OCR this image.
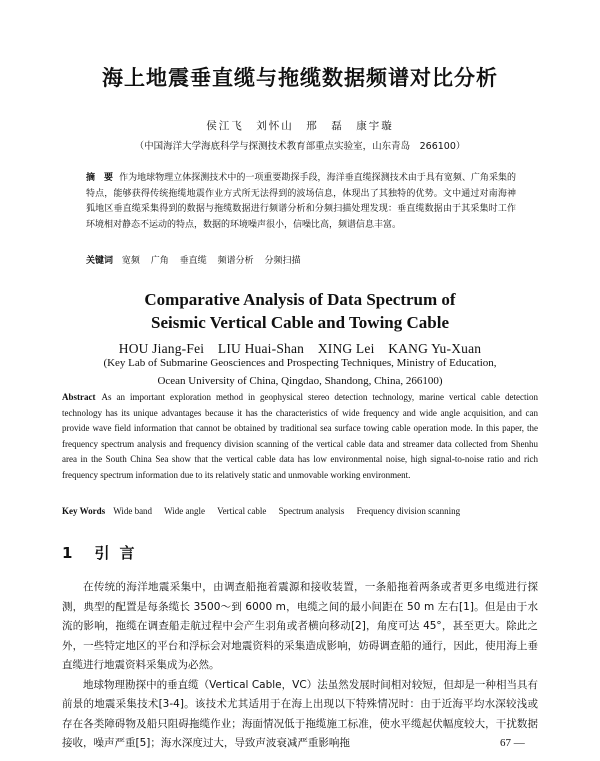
海上地震垂直缆与拖缆数据频谱对比分析
侯江飞　刘怀山　邢　磊　康宇璇
（中国海洋大学海底科学与探测技术教育部重点实验室，山东青岛　266100）
摘　要 作为地球物理立体探测技术中的一项重要勘探手段，海洋垂直缆探测技术由于具有宽频、广角采集的特点，能够获得传统拖缆地震作业方式所无法得到的波场信息，体现出了其独特的优势。文中通过对南海神狐地区垂直缆采集得到的数据与拖缆数据进行频谱分析和分频扫描处理发现：垂直缆数据由于其采集时工作环境相对静态不运动的特点，数据的环境噪声很小，信噪比高，频谱信息丰富。
关键词 宽频 广角 垂直缆 频谱分析 分频扫描
Comparative Analysis of Data Spectrum of
Seismic Vertical Cable and Towing Cable
HOU Jiang-Fei　LIU Huai-Shan　XING Lei　KANG Yu-Xuan
(Key Lab of Submarine Geosciences and Prospecting Techniques, Ministry of Education,
Ocean University of China, Qingdao, Shandong, China, 266100)
Abstract As an important exploration method in geophysical stereo detection technology, marine vertical cable detection technology has its unique advantages because it has the characteristics of wide frequency and wide angle acquisition, and can provide wave field information that cannot be obtained by traditional sea surface towing cable operation mode. In this paper, the frequency spectrum analysis and frequency division scanning of the vertical cable data and streamer data collected from Shenhu area in the South China Sea show that the vertical cable data has low environmental noise, high signal-to-noise ratio and rich frequency spectrum information due to its relatively static and unmovable working environment.
Key Words Wide band Wide angle Vertical cable Spectrum analysis Frequency division scanning
1 引言

在传统的海洋地震采集中，由调查船拖着震源和接收装置，一条船拖着两条或者更多电缆进行探测，典型的配置是每条缆长 3500～到 6000 m，电缆之间的最小间距在 50 m 左右[1]。但是由于水流的影响，拖缆在调查船走航过程中会产生羽角或者横向移动[2]，角度可达 45°，甚至更大。除此之外，一些特定地区的平台和浮标会对地震资料的采集造成影响，妨碍调查船的通行，因此，使用海上垂直缆进行地震资料采集成为必然。

地球物理勘探中的垂直缆（Vertical Cable，VC）法虽然发展时间相对较短，但却是一种相当具有前景的地震采集技术[3-4]。该技术尤其适用于在海上出现以下特殊情况时：由于近海平均水深较浅或存在各类障碍物及船只阻碍拖缆作业；海面情况低于拖缆施工标准，使水平缆起伏幅度较大，干扰数据接收，噪声严重[5]；海水深度过大，导致声波衰减严重影响拖	67 —
